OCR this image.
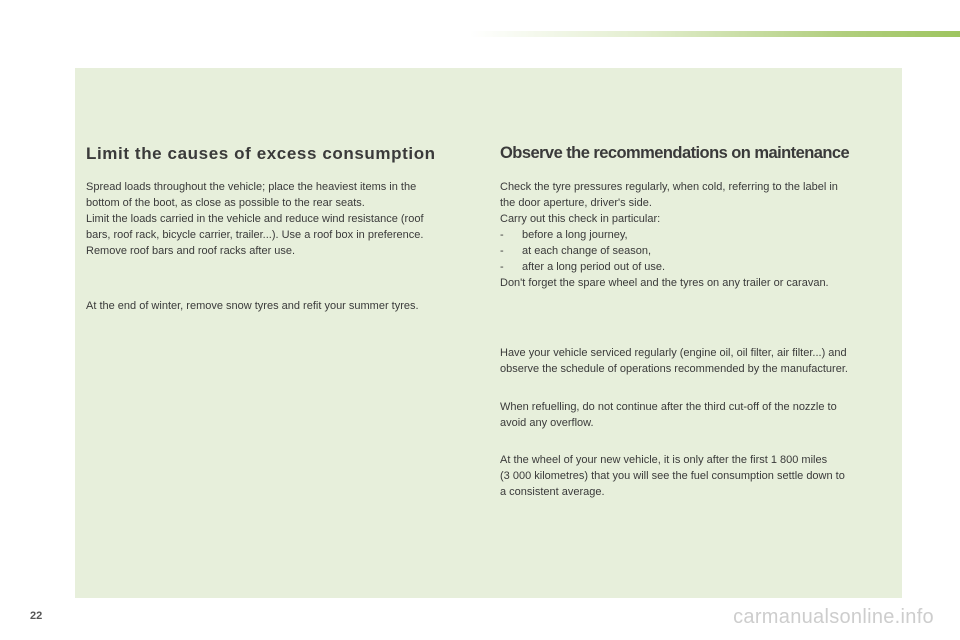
Limit the causes of excess consumption

Spread loads throughout the vehicle; place the heaviest items in the

bottom of the boot, as close as possible to the rear seats.

Limit the loads carried in the vehicle and reduce wind resistance (roof

bars, roof rack, bicycle carrier, trailer...). Use a roof box in preference.

Remove roof bars and roof racks after use.

At the end of winter, remove snow tyres and refit your summer tyres.

Observe the recommendations on maintenance

Check the tyre pressures regularly, when cold, referring to the label in

the door aperture, driver's side.

Carry out this check in particular:

-	before a long journey,
-	at each change of season,
-	after a long period out of use.

Don't forget the spare wheel and the tyres on any trailer or caravan.

Have your vehicle serviced regularly (engine oil, oil filter, air filter...) and

observe the schedule of operations recommended by the manufacturer.

When refuelling, do not continue after the third cut-off of the nozzle to

avoid any overflow.

At the wheel of your new vehicle, it is only after the first 1 800 miles

(3 000 kilometres) that you will see the fuel consumption settle down to

a consistent average.

22	carmanualsonline.info
